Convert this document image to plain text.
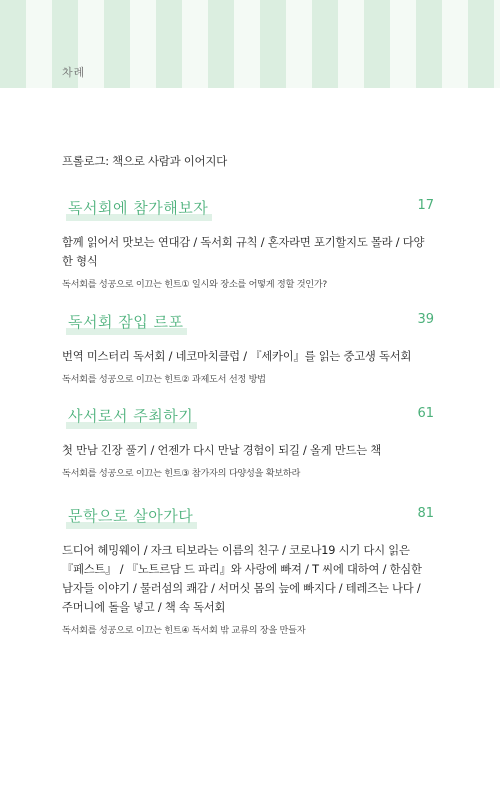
차례
프롤로그: 책으로 사람과 이어지다
독서회에 참가해보자	17
함께 읽어서 맛보는 연대감 / 독서회 규칙 / 혼자라면 포기할지도 몰라 / 다양한 형식
독서회를 성공으로 이끄는 힌트① 일시와 장소를 어떻게 정할 것인가?
독서회 잠입 르포	39
번역 미스터리 독서회 / 네코마치클럽 / 『세카이』를 읽는 중고생 독서회
독서회를 성공으로 이끄는 힌트② 과제도서 선정 방법
사서로서 주최하기	61
첫 만남 긴장 풀기 / 언젠가 다시 만날 경험이 되길 / 올게 만드는 책
독서회를 성공으로 이끄는 힌트③ 참가자의 다양성을 확보하라
문학으로 살아가다	81
드디어 헤밍웨이 / 자크 티보라는 이름의 친구 / 코로나19 시기 다시 읽은 『페스트』 / 『노트르담 드 파리』와 사랑에 빠져 / T 씨에 대하여 / 한심한 남자들 이야기 / 물러섬의 쾌감 / 서머싯 몸의 늪에 빠지다 / 테레즈는 나다 / 주머니에 돌을 넣고 / 책 속 독서회
독서회를 성공으로 이끄는 힌트④ 독서회 밖 교류의 장을 만들자
